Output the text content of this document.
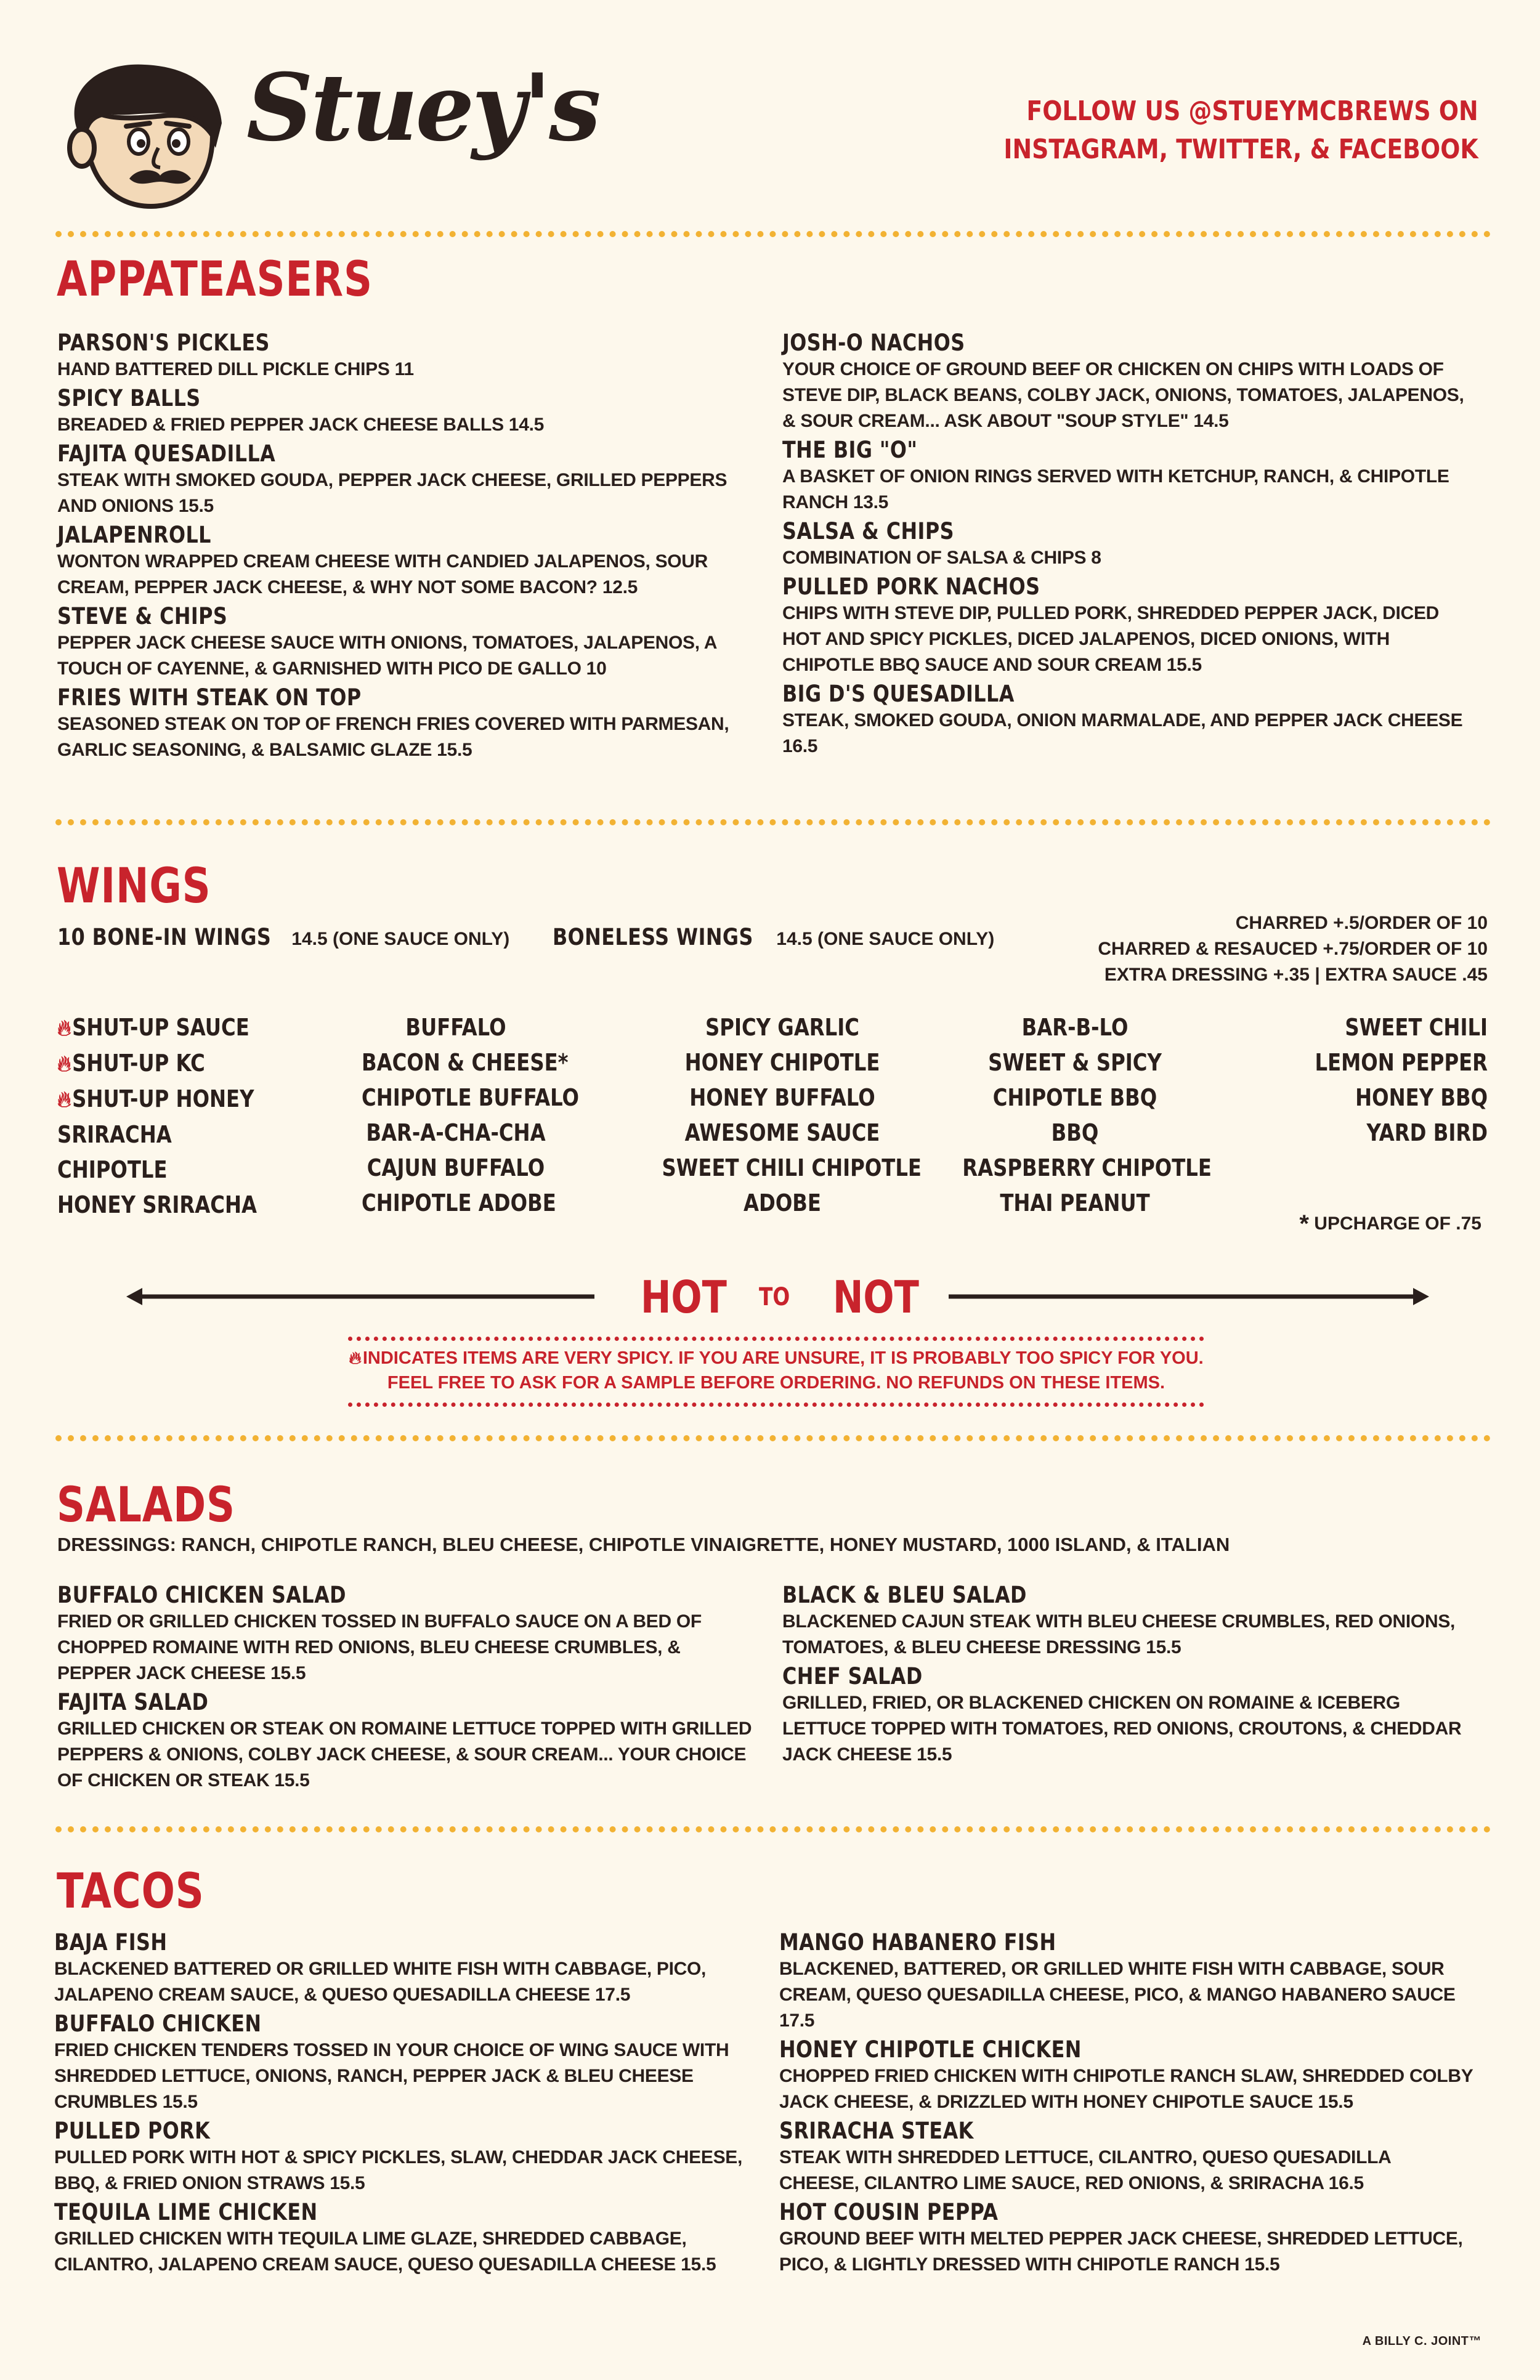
Stuey's	FOLLOW US @STUEYMCBREWS ON
INSTAGRAM, TWITTER, & FACEBOOK
APPATEASERS
PARSON'S PICKLES
HAND BATTERED DILL PICKLE CHIPS 11
SPICY BALLS
BREADED & FRIED PEPPER JACK CHEESE BALLS 14.5
FAJITA QUESADILLA
STEAK WITH SMOKED GOUDA, PEPPER JACK CHEESE, GRILLED PEPPERS AND ONIONS 15.5
JALAPENROLL
WONTON WRAPPED CREAM CHEESE WITH CANDIED JALAPENOS, SOUR CREAM, PEPPER JACK CHEESE, & WHY NOT SOME BACON? 12.5
STEVE & CHIPS
PEPPER JACK CHEESE SAUCE WITH ONIONS, TOMATOES, JALAPENOS, A TOUCH OF CAYENNE, & GARNISHED WITH PICO DE GALLO 10
FRIES WITH STEAK ON TOP
SEASONED STEAK ON TOP OF FRENCH FRIES COVERED WITH PARMESAN, GARLIC SEASONING, & BALSAMIC GLAZE 15.5
JOSH-O NACHOS
YOUR CHOICE OF GROUND BEEF OR CHICKEN ON CHIPS WITH LOADS OF STEVE DIP, BLACK BEANS, COLBY JACK, ONIONS, TOMATOES, JALAPENOS, & SOUR CREAM... ASK ABOUT "SOUP STYLE" 14.5
THE BIG "O"
A BASKET OF ONION RINGS SERVED WITH KETCHUP, RANCH, & CHIPOTLE RANCH 13.5
SALSA & CHIPS
COMBINATION OF SALSA & CHIPS 8
PULLED PORK NACHOS
CHIPS WITH STEVE DIP, PULLED PORK, SHREDDED PEPPER JACK, DICED HOT AND SPICY PICKLES, DICED JALAPENOS, DICED ONIONS, WITH CHIPOTLE BBQ SAUCE AND SOUR CREAM 15.5
BIG D'S QUESADILLA
STEAK, SMOKED GOUDA, ONION MARMALADE, AND PEPPER JACK CHEESE 16.5
WINGS
10 BONE-IN WINGS 14.5 (ONE SAUCE ONLY) BONELESS WINGS 14.5 (ONE SAUCE ONLY)
CHARRED +.5/ORDER OF 10
CHARRED & RESAUCED +.75/ORDER OF 10
EXTRA DRESSING +.35 | EXTRA SAUCE .45
🔥︎SHUT-UP SAUCE
🔥︎SHUT-UP KC
🔥︎SHUT-UP HONEY
SRIRACHA
CHIPOTLE
HONEY SRIRACHA
BUFFALO
BACON & CHEESE*
CHIPOTLE BUFFALO
BAR-A-CHA-CHA
CAJUN BUFFALO
CHIPOTLE ADOBE
SPICY GARLIC
HONEY CHIPOTLE
HONEY BUFFALO
AWESOME SAUCE
SWEET CHILI CHIPOTLE
ADOBE
BAR-B-LO
SWEET & SPICY
CHIPOTLE BBQ
BBQ
RASPBERRY CHIPOTLE
THAI PEANUT
SWEET CHILI
LEMON PEPPER
HONEY BBQ
YARD BIRD
* UPCHARGE OF .75
HOT TO NOT
🔥︎INDICATES ITEMS ARE VERY SPICY. IF YOU ARE UNSURE, IT IS PROBABLY TOO SPICY FOR YOU.
FEEL FREE TO ASK FOR A SAMPLE BEFORE ORDERING. NO REFUNDS ON THESE ITEMS.
SALADS
DRESSINGS: RANCH, CHIPOTLE RANCH, BLEU CHEESE, CHIPOTLE VINAIGRETTE, HONEY MUSTARD, 1000 ISLAND, & ITALIAN
BUFFALO CHICKEN SALAD
FRIED OR GRILLED CHICKEN TOSSED IN BUFFALO SAUCE ON A BED OF CHOPPED ROMAINE WITH RED ONIONS, BLEU CHEESE CRUMBLES, & PEPPER JACK CHEESE 15.5
FAJITA SALAD
GRILLED CHICKEN OR STEAK ON ROMAINE LETTUCE TOPPED WITH GRILLED PEPPERS & ONIONS, COLBY JACK CHEESE, & SOUR CREAM... YOUR CHOICE OF CHICKEN OR STEAK 15.5
BLACK & BLEU SALAD
BLACKENED CAJUN STEAK WITH BLEU CHEESE CRUMBLES, RED ONIONS, TOMATOES, & BLEU CHEESE DRESSING 15.5
CHEF SALAD
GRILLED, FRIED, OR BLACKENED CHICKEN ON ROMAINE & ICEBERG LETTUCE TOPPED WITH TOMATOES, RED ONIONS, CROUTONS, & CHEDDAR JACK CHEESE 15.5
TACOS
BAJA FISH
BLACKENED BATTERED OR GRILLED WHITE FISH WITH CABBAGE, PICO, JALAPENO CREAM SAUCE, & QUESO QUESADILLA CHEESE 17.5
BUFFALO CHICKEN
FRIED CHICKEN TENDERS TOSSED IN YOUR CHOICE OF WING SAUCE WITH SHREDDED LETTUCE, ONIONS, RANCH, PEPPER JACK & BLEU CHEESE CRUMBLES 15.5
PULLED PORK
PULLED PORK WITH HOT & SPICY PICKLES, SLAW, CHEDDAR JACK CHEESE, BBQ, & FRIED ONION STRAWS 15.5
TEQUILA LIME CHICKEN
GRILLED CHICKEN WITH TEQUILA LIME GLAZE, SHREDDED CABBAGE, CILANTRO, JALAPENO CREAM SAUCE, QUESO QUESADILLA CHEESE 15.5
MANGO HABANERO FISH
BLACKENED, BATTERED, OR GRILLED WHITE FISH WITH CABBAGE, SOUR CREAM, QUESO QUESADILLA CHEESE, PICO, & MANGO HABANERO SAUCE 17.5
HONEY CHIPOTLE CHICKEN
CHOPPED FRIED CHICKEN WITH CHIPOTLE RANCH SLAW, SHREDDED COLBY JACK CHEESE, & DRIZZLED WITH HONEY CHIPOTLE SAUCE 15.5
SRIRACHA STEAK
STEAK WITH SHREDDED LETTUCE, CILANTRO, QUESO QUESADILLA CHEESE, CILANTRO LIME SAUCE, RED ONIONS, & SRIRACHA 16.5
HOT COUSIN PEPPA
GROUND BEEF WITH MELTED PEPPER JACK CHEESE, SHREDDED LETTUCE, PICO, & LIGHTLY DRESSED WITH CHIPOTLE RANCH 15.5
A BILLY C. JOINT™
